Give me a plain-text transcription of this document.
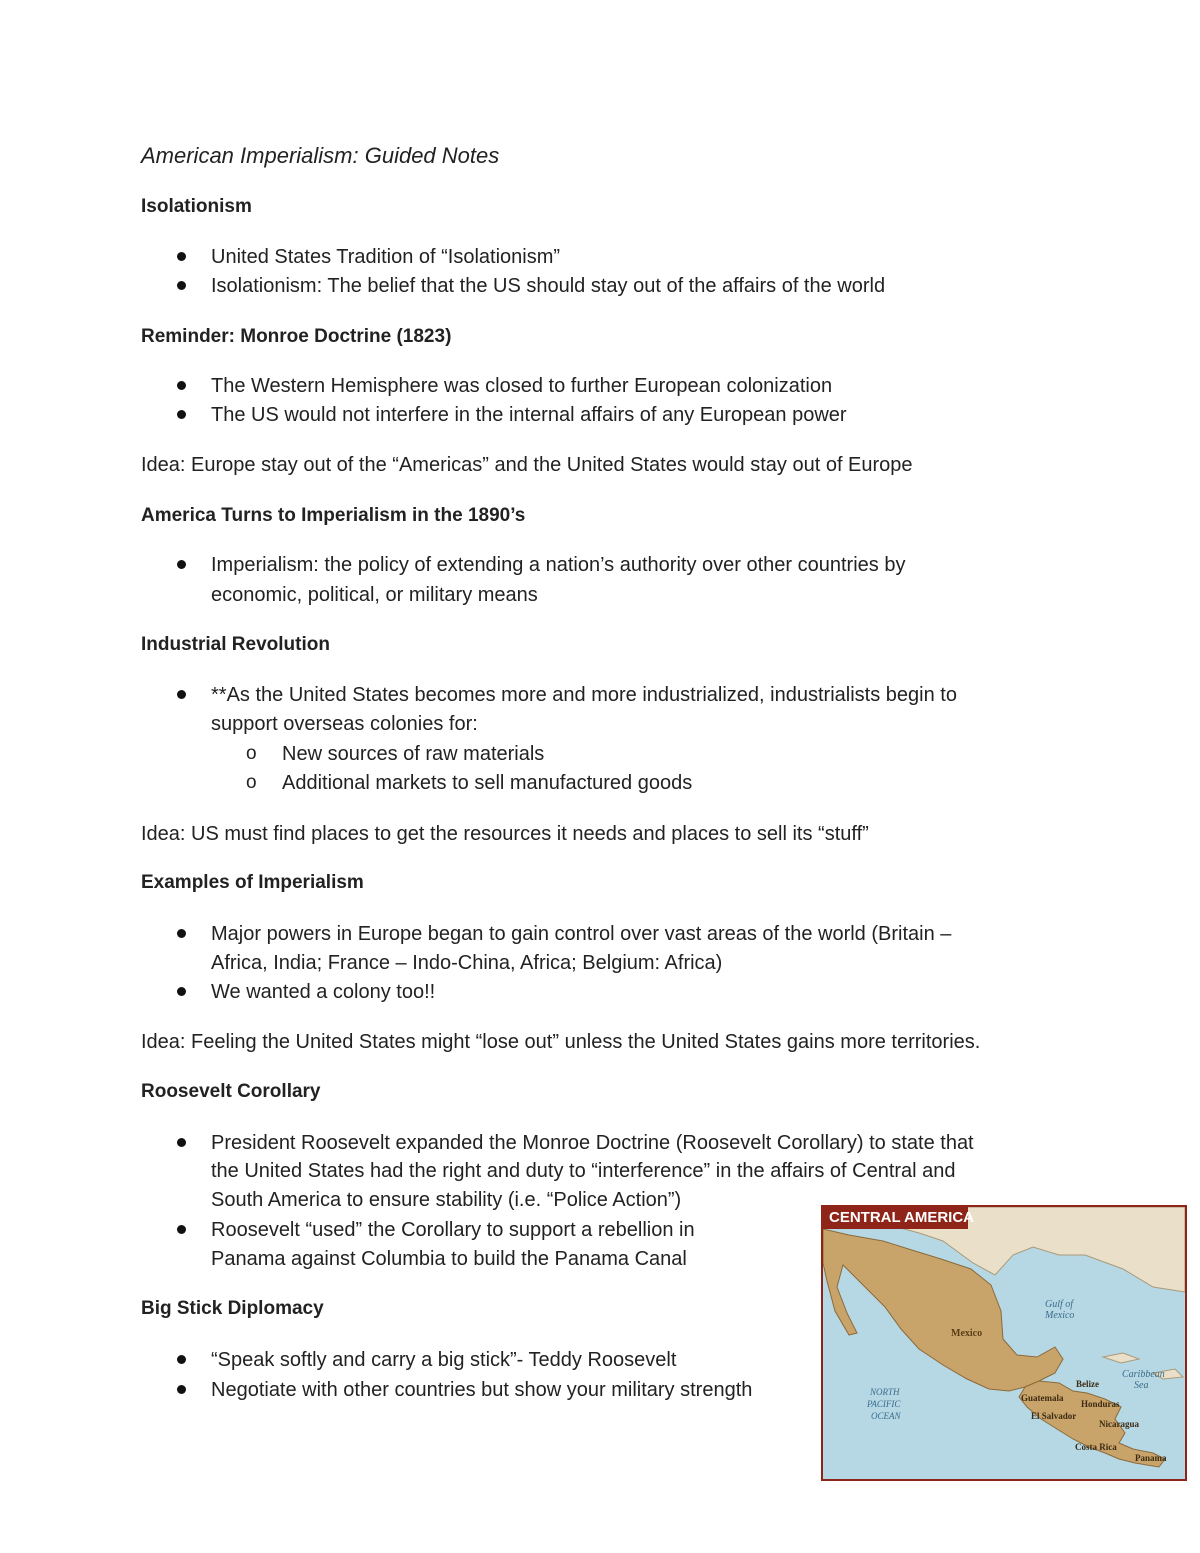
American Imperialism: Guided Notes
Isolationism
United States Tradition of “Isolationism”
Isolationism: The belief that the US should stay out of the affairs of the world
Reminder: Monroe Doctrine (1823)
The Western Hemisphere was closed to further European colonization
The US would not interfere in the internal affairs of any European power
Idea: Europe stay out of the “Americas” and the United States would stay out of Europe
America Turns to Imperialism in the 1890’s
Imperialism: the policy of extending a nation’s authority over other countries by
economic, political, or military means
Industrial Revolution
**As the United States becomes more and more industrialized, industrialists begin to
support overseas colonies for:
o New sources of raw materials
o Additional markets to sell manufactured goods
Idea: US must find places to get the resources it needs and places to sell its “stuff”
Examples of Imperialism
Major powers in Europe began to gain control over vast areas of the world (Britain –
Africa, India; France – Indo-China, Africa; Belgium: Africa)
We wanted a colony too!!
Idea: Feeling the United States might “lose out” unless the United States gains more territories.
Roosevelt Corollary
President Roosevelt expanded the Monroe Doctrine (Roosevelt Corollary) to state that
the United States had the right and duty to “interference” in the affairs of Central and
South America to ensure stability (i.e. “Police Action”)
Roosevelt “used” the Corollary to support a rebellion in
Panama against Columbia to build the Panama Canal
Big Stick Diplomacy
“Speak softly and carry a big stick”- Teddy Roosevelt
Negotiate with other countries but show your military strength
CENTRAL AMERICA
Gulf of
Mexico
Mexico
Caribbean
Sea
NORTH
PACIFIC
OCEAN
Belize
Guatemala
Honduras
El Salvador
Nicaragua
Costa Rica
Panama
